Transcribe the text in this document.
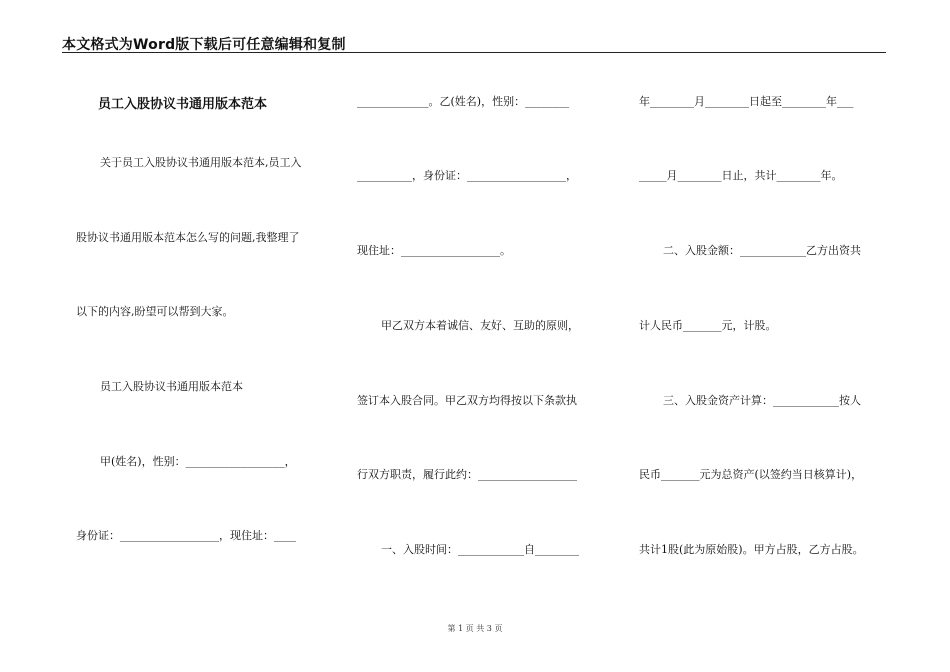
本文格式为Word版下载后可任意编辑和复制
员工入股协议书通用版本范本
关于员工入股协议书通用版本范本,员工入
股协议书通用版本范本怎么写的问题,我整理了
以下的内容,盼望可以帮到大家。
员工入股协议书通用版本范本
甲(姓名)，性别：__________________，
身份证：__________________，现住址：____
_____________。乙(姓名)，性别：________
__________，身份证：__________________，
现住址：__________________。
甲乙双方本着诚信、友好、互助的原则，
签订本入股合同。甲乙双方均得按以下条款执
行双方职责，履行此约：__________________
一、入股时间：____________自________
年________月________日起至________年___
_____月________日止，共计________年。
二、入股金额：____________乙方出资共
计人民币_______元，计股。
三、入股金资产计算：____________按人
民币_______元为总资产(以签约当日核算计)，
共计1股(此为原始股)。甲方占股，乙方占股。
第 1 页 共 3 页
